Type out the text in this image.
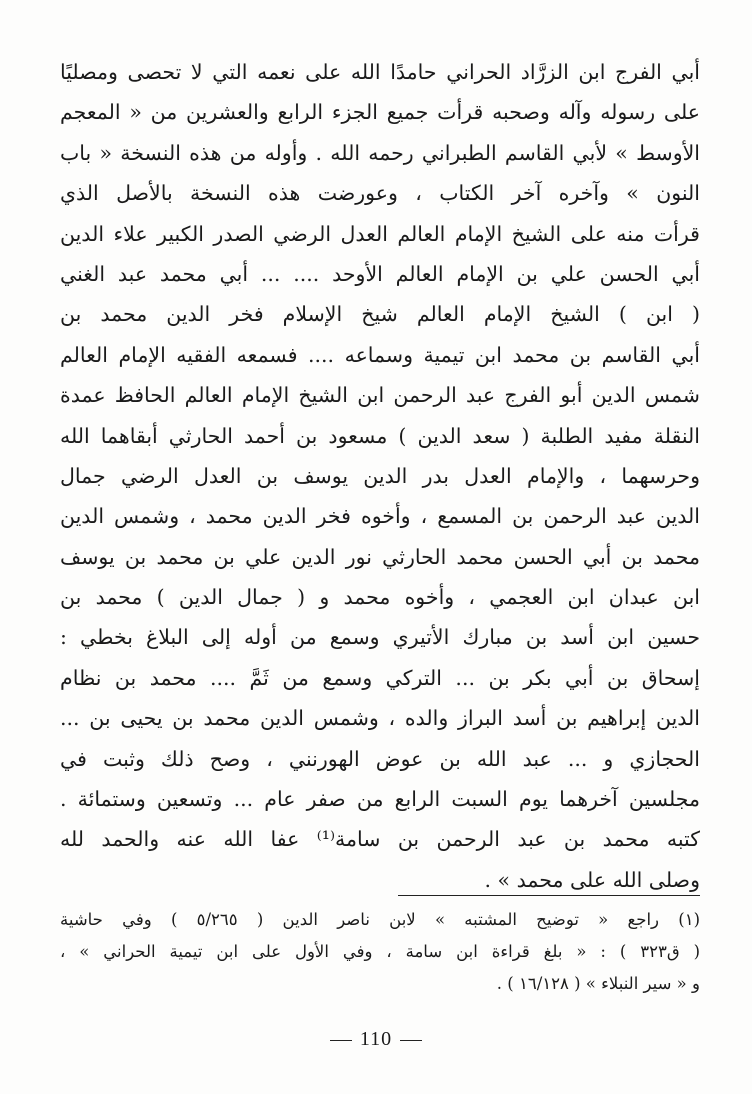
أبي الفرج ابن الزرَّاد الحراني حامدًا الله على نعمه التي لا تحصى ومصليًا
على رسوله وآله وصحبه قرأت جميع الجزء الرابع والعشرين من « المعجم
الأوسط » لأبي القاسم الطبراني رحمه الله . وأوله من هذه النسخة « باب
النون » وآخره آخر الكتاب ، وعورضت هذه النسخة بالأصل الذي
قرأت منه على الشيخ الإمام العالم العدل الرضي الصدر الكبير علاء الدين
أبي الحسن علي بن الإمام العالم الأوحد .... ... أبي محمد عبد الغني
( ابن ) الشيخ الإمام العالم شيخ الإسلام فخر الدين محمد بن
أبي القاسم بن محمد ابن تيمية وسماعه .... فسمعه الفقيه الإمام العالم
شمس الدين أبو الفرج عبد الرحمن ابن الشيخ الإمام العالم الحافظ عمدة
النقلة مفيد الطلبة ( سعد الدين ) مسعود بن أحمد الحارثي أبقاهما الله
وحرسهما ، والإمام العدل بدر الدين يوسف بن العدل الرضي جمال
الدين عبد الرحمن بن المسمع ، وأخوه فخر الدين محمد ، وشمس الدين
محمد بن أبي الحسن محمد الحارثي نور الدين علي بن محمد بن يوسف
ابن عبدان ابن العجمي ، وأخوه محمد و ( جمال الدين ) محمد بن
حسين ابن أسد بن مبارك الأتيري وسمع من أوله إلى البلاغ بخطي :
إسحاق بن أبي بكر بن ... التركي وسمع من ثَمَّ .... محمد بن نظام
الدين إبراهيم بن أسد البراز والده ، وشمس الدين محمد بن يحيى بن ...
الحجازي و ... عبد الله بن عوض الهورنني ، وصح ذلك وثبت في
مجلسين آخرهما يوم السبت الرابع من صفر عام ... وتسعين وستمائة .
كتبه محمد بن عبد الرحمن بن سامة⁽¹⁾ عفا الله عنه والحمد لله
وصلى الله على محمد » .
(١) راجع « توضيح المشتبه » لابن ناصر الدين ( ٥/٢٦٥ ) وفي حاشية
( ق٣٢٣ ) : « بلغ قراءة ابن سامة ، وفي الأول على ابن تيمية الحراني » ،
و « سير النبلاء » ( ١٦/١٢٨ ) .
110
